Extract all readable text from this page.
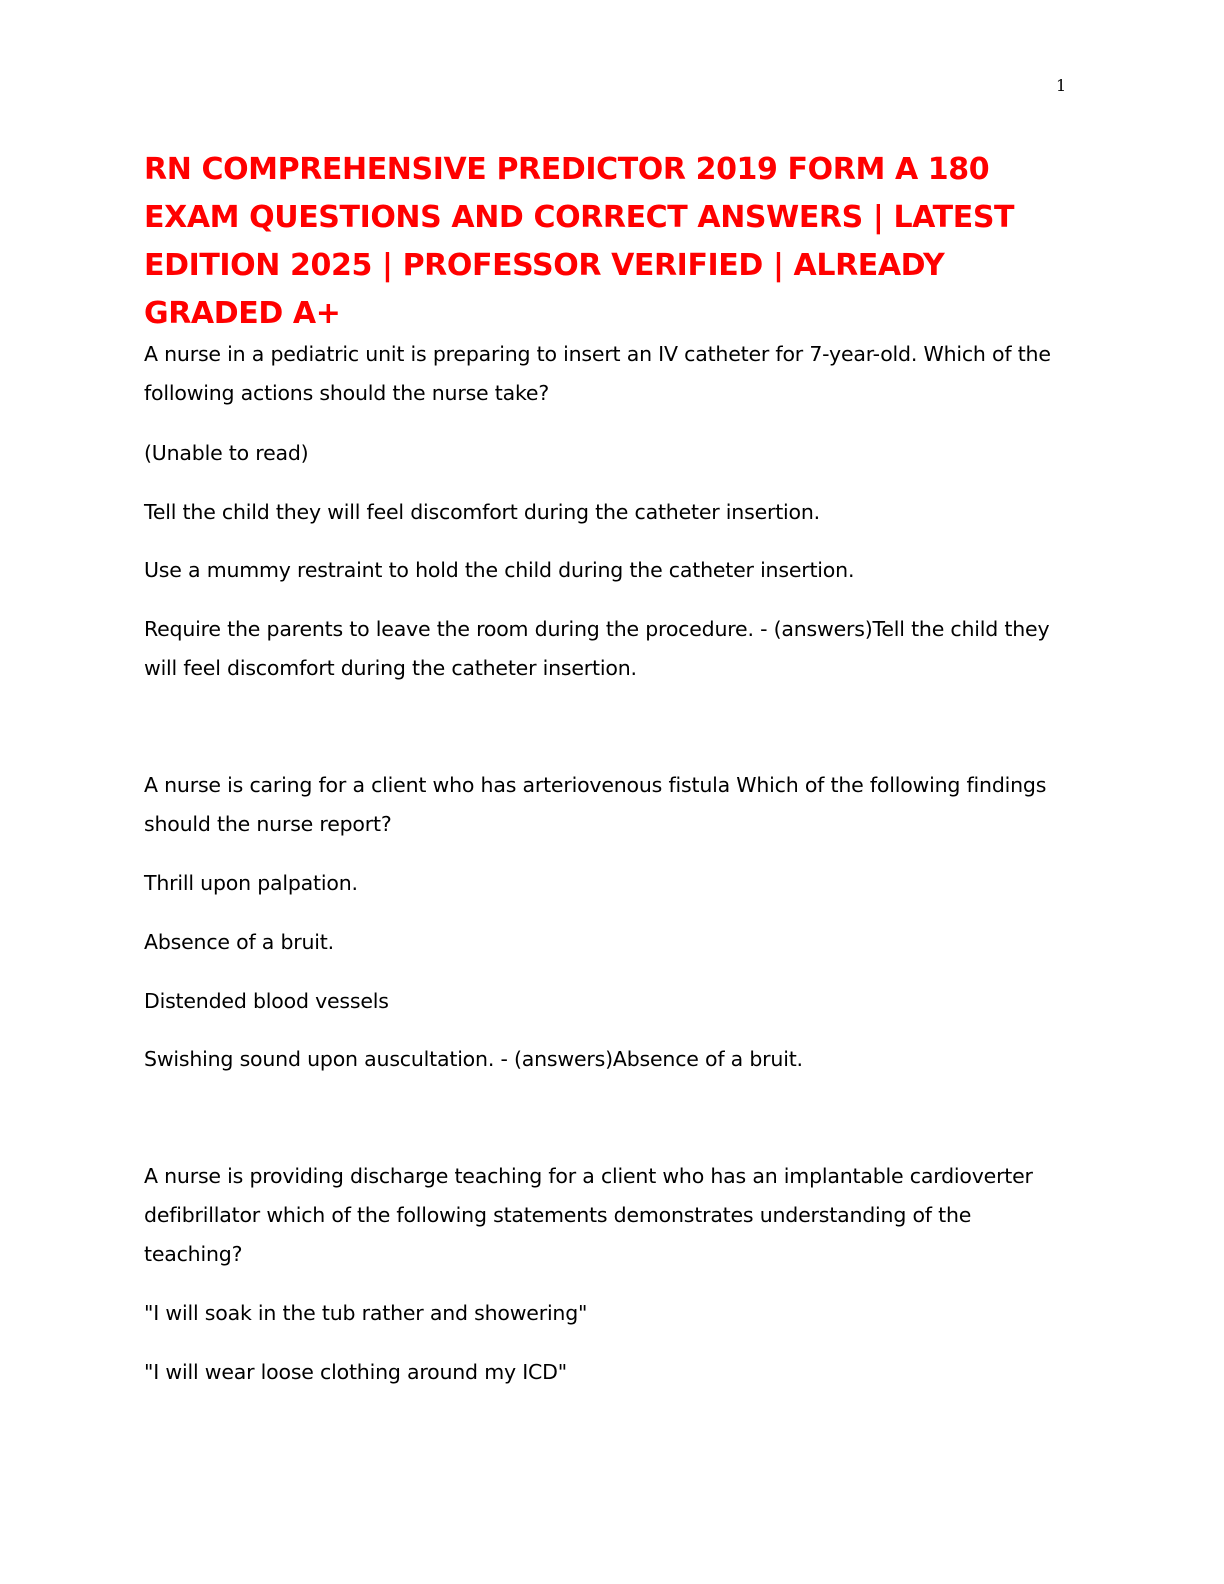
1
RN COMPREHENSIVE PREDICTOR 2019 FORM A 180 EXAM QUESTIONS AND CORRECT ANSWERS | LATEST EDITION 2025 | PROFESSOR VERIFIED | ALREADY GRADED A+

A nurse in a pediatric unit is preparing to insert an IV catheter for 7-year-old. Which of the following actions should the nurse take?

(Unable to read)

Tell the child they will feel discomfort during the catheter insertion.

Use a mummy restraint to hold the child during the catheter insertion.

Require the parents to leave the room during the procedure. - (answers)Tell the child they will feel discomfort during the catheter insertion.

A nurse is caring for a client who has arteriovenous fistula Which of the following findings should the nurse report?

Thrill upon palpation.

Absence of a bruit.

Distended blood vessels

Swishing sound upon auscultation. - (answers)Absence of a bruit.

A nurse is providing discharge teaching for a client who has an implantable cardioverter defibrillator which of the following statements demonstrates understanding of the teaching?

"I will soak in the tub rather and showering"

"I will wear loose clothing around my ICD"
